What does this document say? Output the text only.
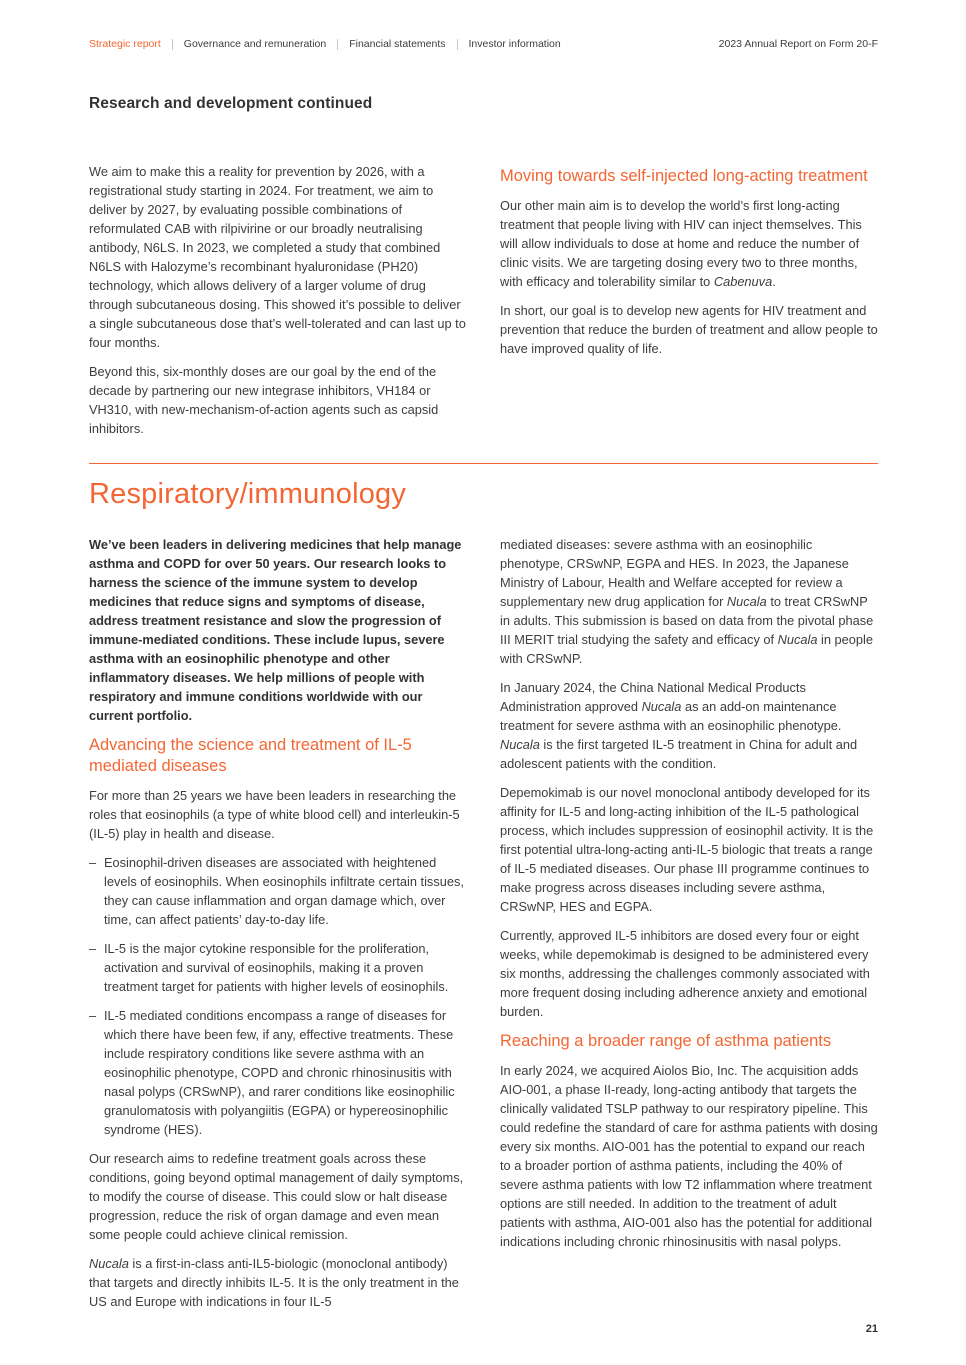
Strategic report Governance and remuneration Financial statements Investor information	2023 Annual Report on Form 20-F
Research and development continued

We aim to make this a reality for prevention by 2026, with a registrational study starting in 2024. For treatment, we aim to deliver by 2027, by evaluating possible combinations of reformulated CAB with rilpivirine or our broadly neutralising antibody, N6LS. In 2023, we completed a study that combined N6LS with Halozyme’s recombinant hyaluronidase (PH20) technology, which allows delivery of a larger volume of drug through subcutaneous dosing. This showed it’s possible to deliver a single subcutaneous dose that’s well-tolerated and can last up to four months.

Beyond this, six-monthly doses are our goal by the end of the decade by partnering our new integrase inhibitors, VH184 or VH310, with new-mechanism-of-action agents such as capsid inhibitors.

Moving towards self-injected long-acting treatment

Our other main aim is to develop the world’s first long-acting treatment that people living with HIV can inject themselves. This will allow individuals to dose at home and reduce the number of clinic visits. We are targeting dosing every two to three months, with efficacy and tolerability similar to Cabenuva.

In short, our goal is to develop new agents for HIV treatment and prevention that reduce the burden of treatment and allow people to have improved quality of life.

Respiratory/immunology

We’ve been leaders in delivering medicines that help manage asthma and COPD for over 50 years. Our research looks to harness the science of the immune system to develop medicines that reduce signs and symptoms of disease, address treatment resistance and slow the progression of immune-mediated conditions. These include lupus, severe asthma with an eosinophilic phenotype and other inflammatory diseases. We help millions of people with respiratory and immune conditions worldwide with our current portfolio.

Advancing the science and treatment of IL-5 mediated diseases

For more than 25 years we have been leaders in researching the roles that eosinophils (a type of white blood cell) and interleukin-5 (IL-5) play in health and disease.

– Eosinophil-driven diseases are associated with heightened levels of eosinophils. When eosinophils infiltrate certain tissues, they can cause inflammation and organ damage which, over time, can affect patients’ day-to-day life.
– IL-5 is the major cytokine responsible for the proliferation, activation and survival of eosinophils, making it a proven treatment target for patients with higher levels of eosinophils.
– IL-5 mediated conditions encompass a range of diseases for which there have been few, if any, effective treatments. These include respiratory conditions like severe asthma with an eosinophilic phenotype, COPD and chronic rhinosinusitis with nasal polyps (CRSwNP), and rarer conditions like eosinophilic granulomatosis with polyangiitis (EGPA) or hypereosinophilic syndrome (HES).

Our research aims to redefine treatment goals across these conditions, going beyond optimal management of daily symptoms, to modify the course of disease. This could slow or halt disease progression, reduce the risk of organ damage and even mean some people could achieve clinical remission.

Nucala is a first-in-class anti-IL5-biologic (monoclonal antibody) that targets and directly inhibits IL-5. It is the only treatment in the US and Europe with indications in four IL-5

mediated diseases: severe asthma with an eosinophilic phenotype, CRSwNP, EGPA and HES. In 2023, the Japanese Ministry of Labour, Health and Welfare accepted for review a supplementary new drug application for Nucala to treat CRSwNP in adults. This submission is based on data from the pivotal phase III MERIT trial studying the safety and efficacy of Nucala in people with CRSwNP.

In January 2024, the China National Medical Products Administration approved Nucala as an add-on maintenance treatment for severe asthma with an eosinophilic phenotype. Nucala is the first targeted IL-5 treatment in China for adult and adolescent patients with the condition.

Depemokimab is our novel monoclonal antibody developed for its affinity for IL-5 and long-acting inhibition of the IL-5 pathological process, which includes suppression of eosinophil activity. It is the first potential ultra-long-acting anti-IL-5 biologic that treats a range of IL-5 mediated diseases. Our phase III programme continues to make progress across diseases including severe asthma, CRSwNP, HES and EGPA.

Currently, approved IL-5 inhibitors are dosed every four or eight weeks, while depemokimab is designed to be administered every six months, addressing the challenges commonly associated with more frequent dosing including adherence anxiety and emotional burden.

Reaching a broader range of asthma patients

In early 2024, we acquired Aiolos Bio, Inc. The acquisition adds AIO-001, a phase II-ready, long-acting antibody that targets the clinically validated TSLP pathway to our respiratory pipeline. This could redefine the standard of care for asthma patients with dosing every six months. AIO-001 has the potential to expand our reach to a broader portion of asthma patients, including the 40% of severe asthma patients with low T2 inflammation where treatment options are still needed. In addition to the treatment of adult patients with asthma, AIO-001 also has the potential for additional indications including chronic rhinosinusitis with nasal polyps.

21
